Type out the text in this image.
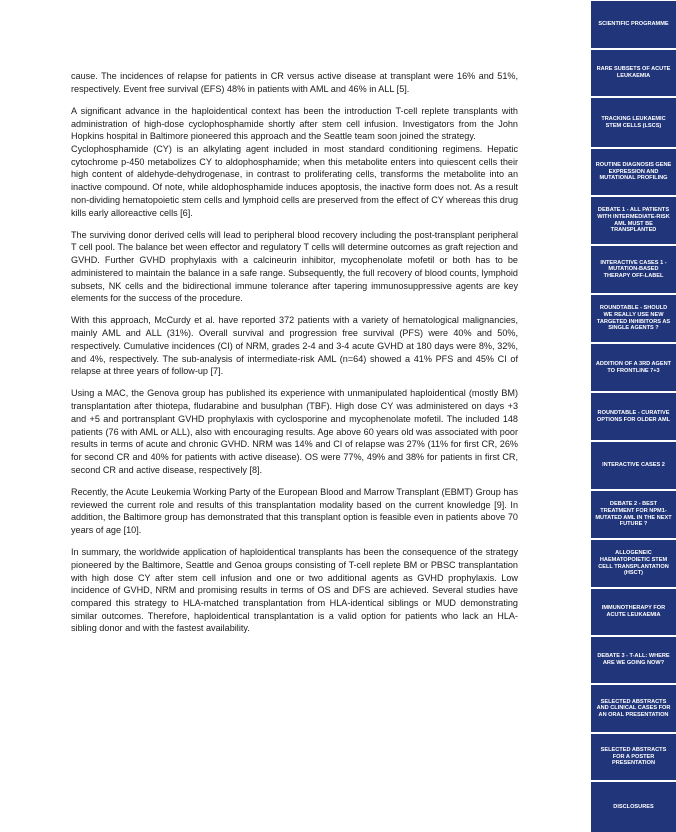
cause. The incidences of relapse for patients in CR versus active disease at transplant were 16% and 51%, respectively. Event free survival (EFS) 48% in patients with AML and 46% in ALL [5].

A significant advance in the haploidentical context has been the introduction T-cell replete transplants with administration of high-dose cyclophosphamide shortly after stem cell infusion. Investigators from the John Hopkins hospital in Baltimore pioneered this approach and the Seattle team soon joined the strategy.

Cyclophosphamide (CY) is an alkylating agent included in most standard conditioning regimens. Hepatic cytochrome p-450 metabolizes CY to aldophosphamide; when this metabolite enters into quiescent cells their high content of aldehyde-dehydrogenase, in contrast to proliferating cells, transforms the metabolite into an inactive compound. Of note, while aldophosphamide induces apoptosis, the inactive form does not. As a result non-dividing hematopoietic stem cells and lymphoid cells are preserved from the effect of CY whereas this drug kills early alloreactive cells [6].

The surviving donor derived cells will lead to peripheral blood recovery including the post-transplant peripheral T cell pool. The balance bet ween effector and regulatory T cells will determine outcomes as graft rejection and GVHD. Further GVHD prophylaxis with a calcineurin inhibitor, mycophenolate mofetil or both has to be administered to maintain the balance in a safe range. Subsequently, the full recovery of blood counts, lymphoid subsets, NK cells and the bidirectional immune tolerance after tapering immunosuppressive agents are key elements for the success of the procedure.

With this approach, McCurdy et al. have reported 372 patients with a variety of hematological malignancies, mainly AML and ALL (31%). Overall survival and progression free survival (PFS) were 40% and 50%, respectively. Cumulative incidences (CI) of NRM, grades 2-4 and 3-4 acute GVHD at 180 days were 8%, 32%, and 4%, respectively. The sub-analysis of intermediate-risk AML (n=64) showed a 41% PFS and 45% CI of relapse at three years of follow-up [7].

Using a MAC, the Genova group has published its experience with unmanipulated haploidentical (mostly BM) transplantation after thiotepa, fludarabine and busulphan (TBF). High dose CY was administered on days +3 and +5 and portransplant GVHD prophylaxis with cyclosporine and mycophenolate mofetil. The included 148 patients (76 with AML or ALL), also with encouraging results. Age above 60 years old was associated with poor results in terms of acute and chronic GVHD. NRM was 14% and CI of relapse was 27% (11% for first CR, 26% for second CR and 40% for patients with active disease). OS were 77%, 49% and 38% for patients in first CR, second CR and active disease, respectively [8].

Recently, the Acute Leukemia Working Party of the European Blood and Marrow Transplant (EBMT) Group has reviewed the current role and results of this transplantation modality based on the current knowledge [9]. In addition, the Baltimore group has demonstrated that this transplant option is feasible even in patients above 70 years of age [10].

In summary, the worldwide application of haploidentical transplants has been the consequence of the strategy pioneered by the Baltimore, Seattle and Genoa groups consisting of T-cell replete BM or PBSC transplantation with high dose CY after stem cell infusion and one or two additional agents as GVHD prophylaxis. Low incidence of GVHD, NRM and promising results in terms of OS and DFS are achieved. Several studies have compared this strategy to HLA-matched transplantation from HLA-identical siblings or MUD demonstrating similar outcomes. Therefore, haploidentical transplantation is a valid option for patients who lack an HLA-sibling donor and with the fastest availability.

SCIENTIFIC PROGRAMME
RARE SUBSETS OF ACUTE LEUKAEMIA
TRACKING LEUKAEMIC STEM CELLS (LSCS)
ROUTINE DIAGNOSIS GENE EXPRESSION AND MUTATIONAL PROFILING
DEBATE 1 - ALL PATIENTS WITH INTERMEDIATE-RISK AML MUST BE TRANSPLANTED
INTERACTIVE CASES 1 - MUTATION-BASED THERAPY OFF-LABEL
ROUNDTABLE - SHOULD WE REALLY USE NEW TARGETED INHIBITORS AS SINGLE AGENTS ?
ADDITION OF A 3RD AGENT TO FRONTLINE 7+3
ROUNDTABLE - CURATIVE OPTIONS FOR OLDER AML
INTERACTIVE CASES 2
DEBATE 2 - BEST TREATMENT FOR NPM1-MUTATED AML IN THE NEXT FUTURE ?
ALLOGENEIC HAEMATOPOIETIC STEM CELL TRANSPLANTATION (HSCT)
IMMUNOTHERAPY FOR ACUTE LEUKAEMIA
DEBATE 3 - T-ALL: WHERE ARE WE GOING NOW?
SELECTED ABSTRACTS AND CLINICAL CASES FOR AN ORAL PRESENTATION
SELECTED ABSTRACTS FOR A POSTER PRESENTATION
DISCLOSURES
